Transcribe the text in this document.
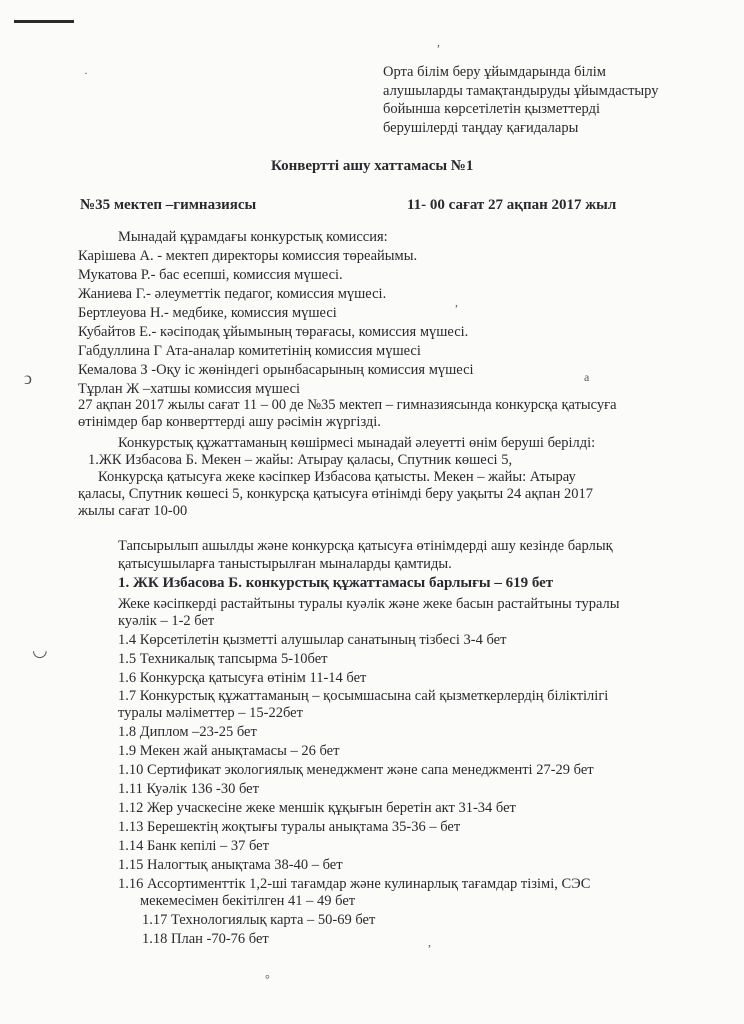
,
·
ↄ
◡
,
a
,
°
Орта білім беру ұйымдарында білім
алушыларды тамақтандыруды ұйымдастыру
бойынша көрсетілетін қызметтерді
берушілерді таңдау қағидалары
Конвертті ашу хаттамасы №1
№35 мектеп –гимназиясы	11- 00 сағат 27 ақпан 2017 жыл
Мынадай құрамдағы конкурстық комиссия:
Карішева А. - мектеп директоры комиссия төреайымы.
Мукатова Р.- бас есепші, комиссия мүшесі.
Жаниева Г.- әлеуметтік педагог, комиссия мүшесі.
Бертлеуова Н.- медбике, комиссия мүшесі
Кубайтов Е.- кәсіподақ ұйымының төрағасы, комиссия мүшесі.
Габдуллина Г Ата-аналар комитетінің комиссия мүшесі
Кемалова З -Оқу іс жөніндегі орынбасарының комиссия мүшесі
Тұрлан Ж –хатшы комиссия мүшесі
27 ақпан 2017 жылы сағат 11 – 00 де №35 мектеп – гимназиясында конкурсқа қатысуға
өтінімдер бар конверттерді ашу рәсімін жүргізді.
Конкурстық құжаттаманың көшірмесі мынадай әлеуетті өнім беруші берілді:
1.ЖК Избасова Б. Мекен – жайы: Атырау қаласы, Спутник көшесі 5,
Конкурсқа қатысуға жеке кәсіпкер Избасова қатысты. Мекен – жайы: Атырау
қаласы, Спутник көшесі 5, конкурсқа қатысуға өтінімді беру уақыты 24 ақпан 2017
жылы сағат 10-00
Тапсырылып ашылды және конкурсқа қатысуға өтінімдерді ашу кезінде барлық
қатысушыларға таныстырылған мыналарды қамтиды.
1. ЖК Избасова Б. конкурстық құжаттамасы барлығы – 619 бет
Жеке кәсіпкерді растайтыны туралы куәлік және жеке басын растайтыны туралы
куәлік – 1-2 бет
1.4 Көрсетілетін қызметті алушылар санатының тізбесі 3-4 бет
1.5 Техникалық тапсырма 5-10бет
1.6 Конкурсқа қатысуға өтінім 11-14 бет
1.7 Конкурстық құжаттаманың – қосымшасына сай қызметкерлердің біліктілігі
туралы мәліметтер – 15-22бет
1.8 Диплом –23-25 бет
1.9 Мекен жай анықтамасы – 26 бет
1.10 Сертификат экологиялық менеджмент және сапа менеджменті 27-29 бет
1.11 Куәлік 136 -30 бет
1.12 Жер учаскесіне жеке меншік құқығын беретін акт 31-34 бет
1.13 Берешектің жоқтығы туралы анықтама 35-36 – бет
1.14 Банк кепілі – 37 бет
1.15 Налогтық анықтама 38-40 – бет
1.16 Ассортименттік 1,2-ші тағамдар және кулинарлық тағамдар тізімі, СЭС
мекемесімен бекітілген 41 – 49 бет
1.17 Технологиялық карта – 50-69 бет
1.18 План -70-76 бет
